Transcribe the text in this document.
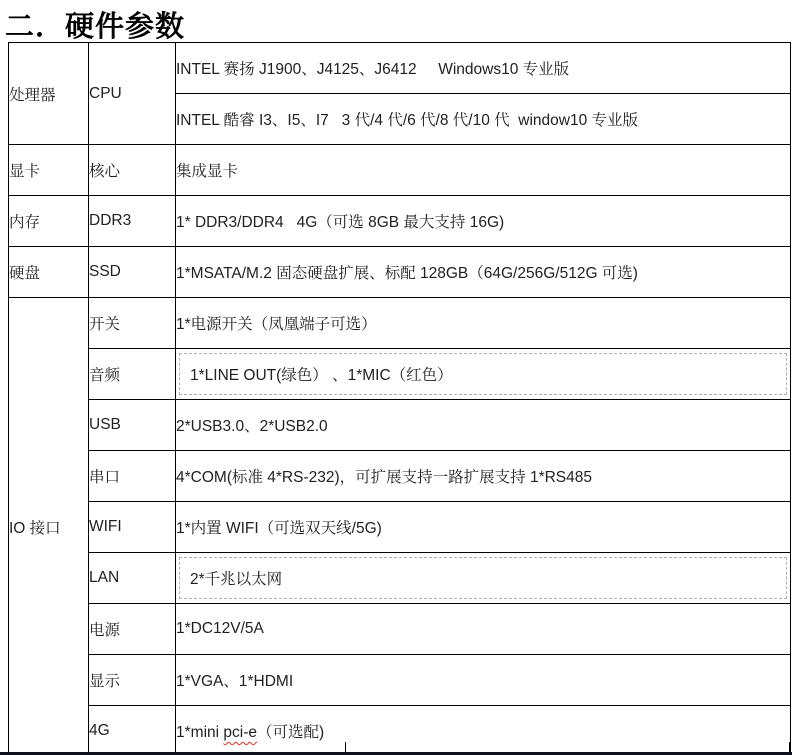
二．硬件参数
处理器	CPU	INTEL 赛扬 J1900、J4125、J6412     Windows10 专业版
		INTEL 酷睿 I3、I5、I7   3 代/4 代/6 代/8 代/10 代  window10 专业版
显卡	核心	集成显卡
内存	DDR3	1* DDR3/DDR4   4G（可选 8GB 最大支持 16G)
硬盘	SSD	1*MSATA/M.2 固态硬盘扩展、标配 128GB（64G/256G/512G 可选)
IO 接口	开关	1*电源开关（凤凰端子可选）
	音频	1*LINE OUT(绿色） 、1*MIC（红色）

	USB	2*USB3.0、2*USB2.0
	串口	4*COM(标准 4*RS-232)，可扩展支持一路扩展支持 1*RS485
	WIFI	1*内置 WIFI（可选双天线/5G)
	LAN	2*千兆以太网

	电源	1*DC12V/5A
	显示	1*VGA、1*HDMI
	4G	1*mini pci-e（可选配)
